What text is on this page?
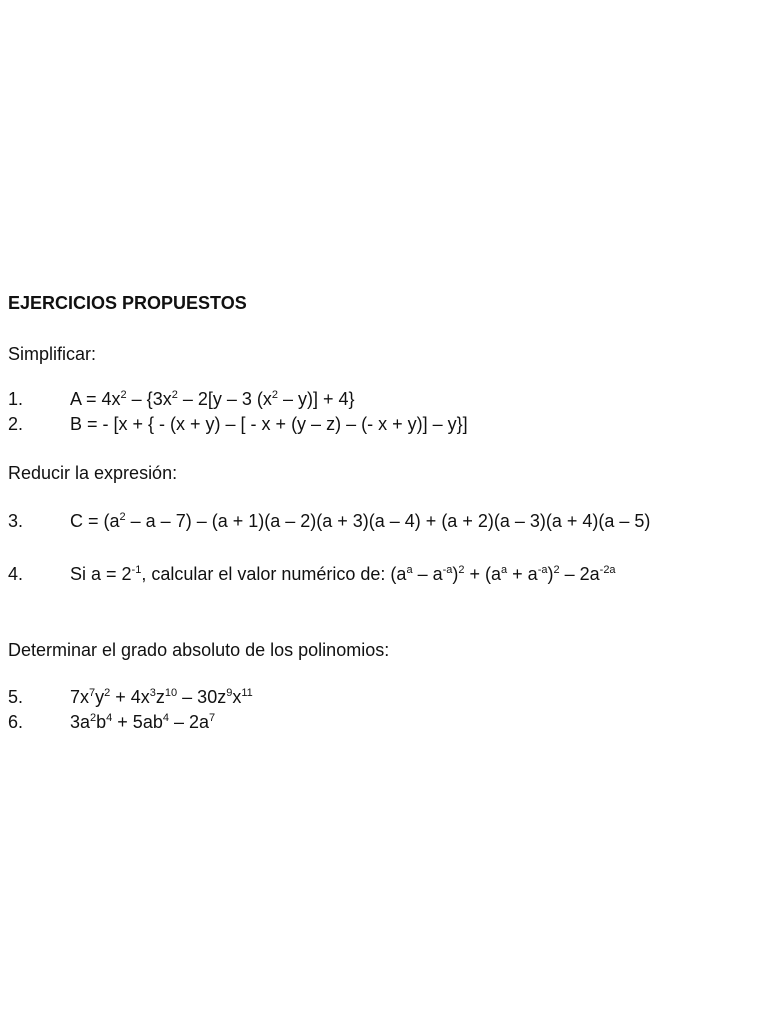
EJERCICIOS PROPUESTOS
Simplificar:
1.	$A = 4x^2 - \{3x^2 - 2[y - 3$ $(x^2 - y)] + 4$}
2.	B = - [x + { - (x + y) – [ - x + (y – z) – (- x + y)] – y}]
Reducir la expresión:
3.	$C = (a^2 - a - 7) - (a + 1)(a - 2)(a + 3)(a - 4) + (a + 2)(a - 3)(a + 4)(a - 5)$
4.	Si $a = 2^{-1}$, calcular el valor numérico de: $(a^a - a^{-a})^2 + (a^a + a^{-a})^2 - 2a^{-2a}$
Determinar el grado absoluto de los polinomios:
5.	$7x^7y^2 + 4x^3z^{10} - 30z^9x^{11}$
6.	$3a^2b^4 + 5ab^4 - 2a^7$
